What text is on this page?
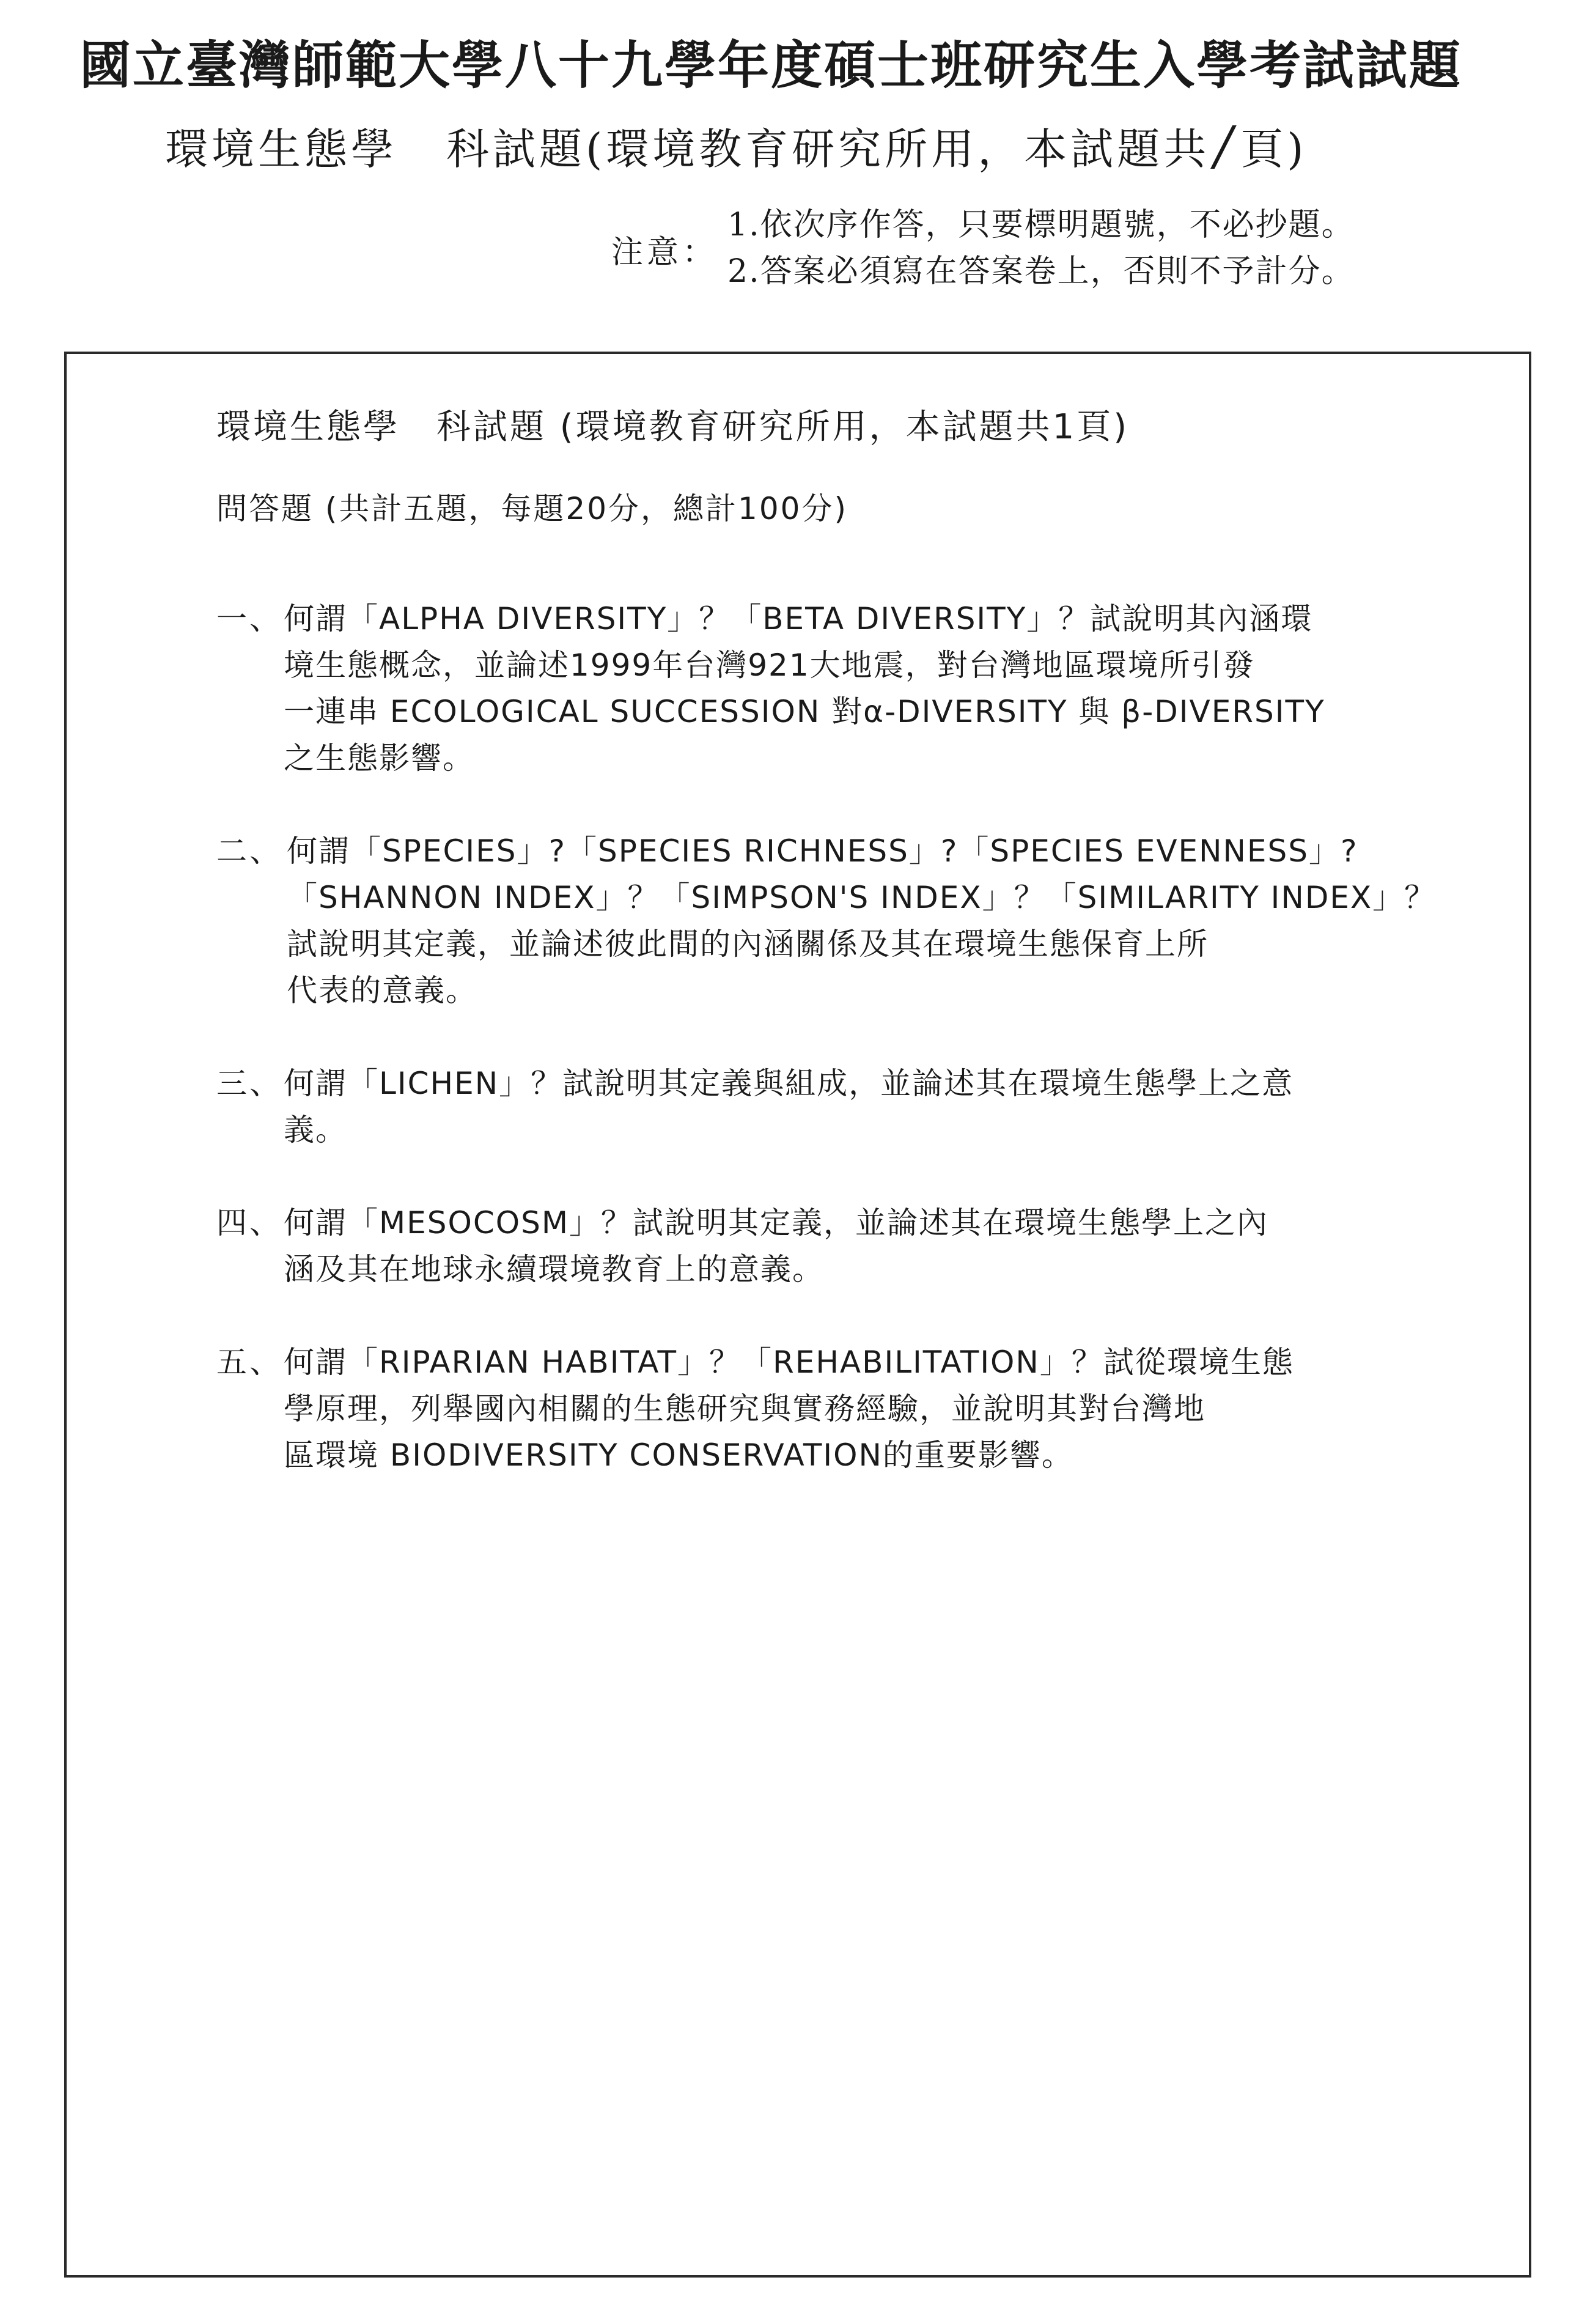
國立臺灣師範大學八十九學年度碩士班研究生入學考試試題
環境生態學 科試題(環境教育研究所用，本試題共/ 頁)
注意：
1.依次序作答，只要標明題號，不必抄題。
2.答案必須寫在答案卷上，否則不予計分。
環境生態學 科試題 (環境教育研究所用，本試題共1頁)
問答題 (共計五題，每題20分，總計100分)
一、 何謂「ALPHA DIVERSITY」？「BETA DIVERSITY」？試說明其內涵環
境生態概念，並論述1999年台灣921大地震，對台灣地區環境所引發
一連串 ECOLOGICAL SUCCESSION 對α-DIVERSITY 與 β-DIVERSITY
之生態影響。
二、 何謂「SPECIES」?「SPECIES RICHNESS」?「SPECIES EVENNESS」?
「SHANNON INDEX」？「SIMPSON'S INDEX」？「SIMILARITY INDEX」？
試說明其定義，並論述彼此間的內涵關係及其在環境生態保育上所
代表的意義。
三、 何謂「LICHEN」？試說明其定義與組成，並論述其在環境生態學上之意
義。
四、 何謂「MESOCOSM」？試說明其定義，並論述其在環境生態學上之內
涵及其在地球永續環境教育上的意義。
五、 何謂「RIPARIAN HABITAT」？「REHABILITATION」？試從環境生態
學原理，列舉國內相關的生態研究與實務經驗，並說明其對台灣地
區環境 BIODIVERSITY CONSERVATION的重要影響。
